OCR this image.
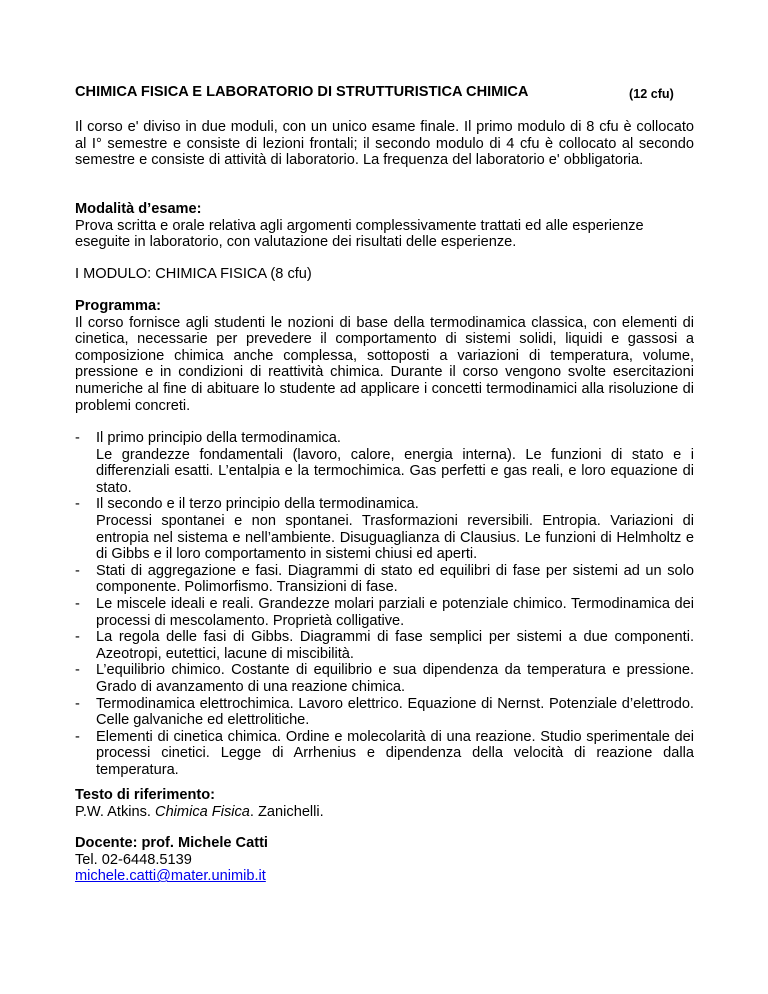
CHIMICA FISICA E LABORATORIO DI STRUTTURISTICA CHIMICA	(12 cfu)

Il corso e' diviso in due moduli, con un unico esame finale. Il primo modulo di 8 cfu è collocato al I° semestre e consiste di lezioni frontali; il secondo modulo di 4 cfu è collocato al secondo semestre e consiste di attività di laboratorio. La frequenza del laboratorio e' obbligatoria.

Modalità d’esame:

Prova scritta e orale relativa agli argomenti complessivamente trattati ed alle esperienze eseguite in laboratorio, con valutazione dei risultati delle esperienze.

I MODULO: CHIMICA FISICA (8 cfu)

Programma:

Il corso fornisce agli studenti le nozioni di base della termodinamica classica, con elementi di cinetica, necessarie per prevedere il comportamento di sistemi solidi, liquidi e gassosi a composizione chimica anche complessa, sottoposti a variazioni di temperatura, volume, pressione e in condizioni di reattività chimica. Durante il corso vengono svolte esercitazioni numeriche al fine di abituare lo studente ad applicare i concetti termodinamici alla risoluzione di problemi concreti.

- Il primo principio della termodinamica.
Le grandezze fondamentali (lavoro, calore, energia interna). Le funzioni di stato e i differenziali esatti. L’entalpia e la termochimica. Gas perfetti e gas reali, e loro equazione di stato.
- Il secondo e il terzo principio della termodinamica.
Processi spontanei e non spontanei. Trasformazioni reversibili. Entropia. Variazioni di entropia nel sistema e nell’ambiente. Disuguaglianza di Clausius. Le funzioni di Helmholtz e di Gibbs e il loro comportamento in sistemi chiusi ed aperti.
- Stati di aggregazione e fasi. Diagrammi di stato ed equilibri di fase per sistemi ad un solo componente. Polimorfismo. Transizioni di fase.
- Le miscele ideali e reali. Grandezze molari parziali e potenziale chimico. Termodinamica dei processi di mescolamento. Proprietà colligative.
- La regola delle fasi di Gibbs. Diagrammi di fase semplici per sistemi a due componenti. Azeotropi, eutettici, lacune di miscibilità.
- L’equilibrio chimico. Costante di equilibrio e sua dipendenza da temperatura e pressione. Grado di avanzamento di una reazione chimica.
- Termodinamica elettrochimica. Lavoro elettrico. Equazione di Nernst. Potenziale d’elettrodo. Celle galvaniche ed elettrolitiche.
- Elementi di cinetica chimica. Ordine e molecolarità di una reazione. Studio sperimentale dei processi cinetici. Legge di Arrhenius e dipendenza della velocità di reazione dalla temperatura.

Testo di riferimento:

P.W. Atkins. Chimica Fisica. Zanichelli.

Docente: prof. Michele Catti

Tel. 02-6448.5139

michele.catti@mater.unimib.it
